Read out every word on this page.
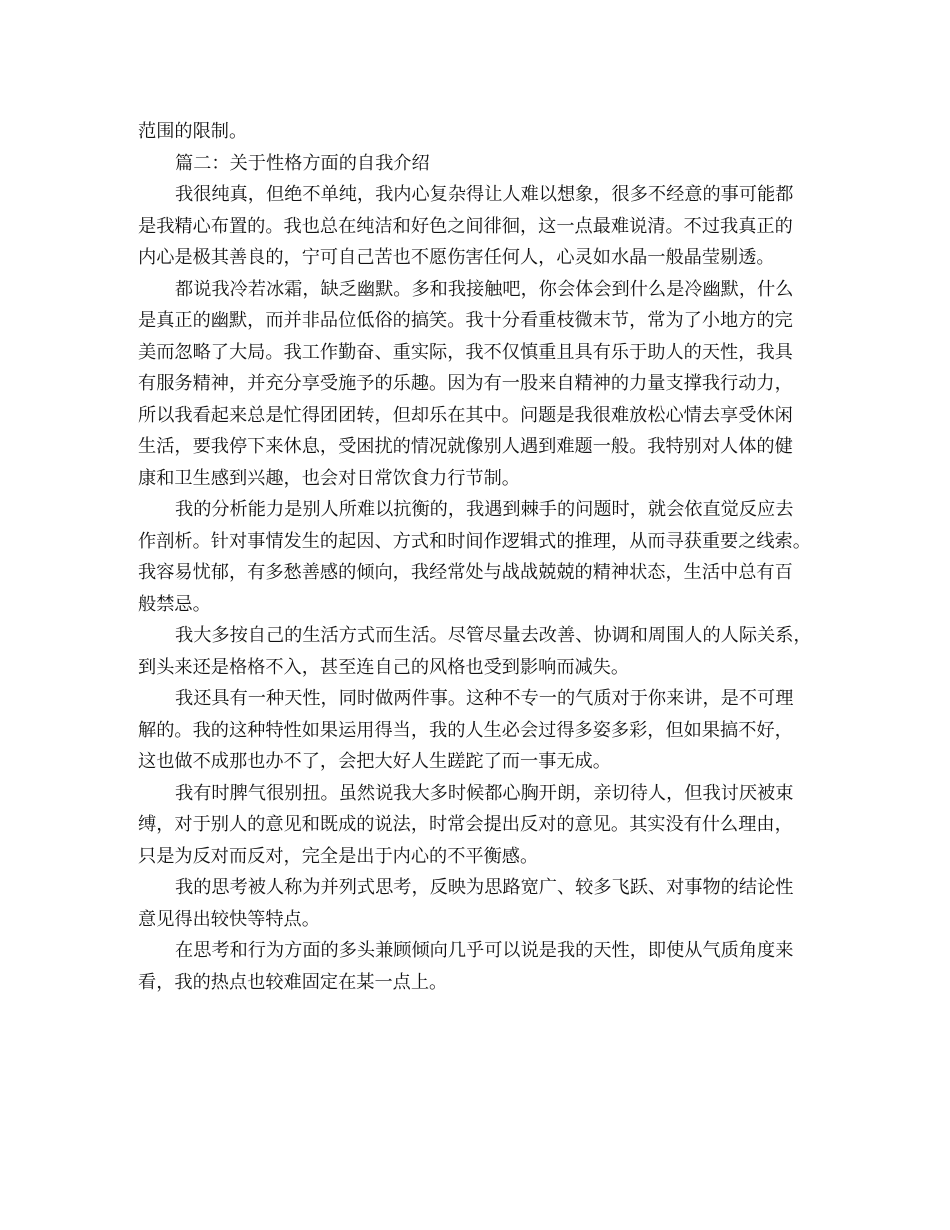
范围的限制。
篇二：关于性格方面的自我介绍
我很纯真，但绝不单纯，我内心复杂得让人难以想象，很多不经意的事可能都
是我精心布置的。我也总在纯洁和好色之间徘徊，这一点最难说清。不过我真正的
内心是极其善良的，宁可自己苦也不愿伤害任何人，心灵如水晶一般晶莹剔透。
都说我冷若冰霜，缺乏幽默。多和我接触吧，你会体会到什么是冷幽默，什么
是真正的幽默，而并非品位低俗的搞笑。我十分看重枝微末节，常为了小地方的完
美而忽略了大局。我工作勤奋、重实际，我不仅慎重且具有乐于助人的天性，我具
有服务精神，并充分享受施予的乐趣。因为有一股来自精神的力量支撑我行动力，
所以我看起来总是忙得团团转，但却乐在其中。问题是我很难放松心情去享受休闲
生活，要我停下来休息，受困扰的情况就像别人遇到难题一般。我特别对人体的健
康和卫生感到兴趣，也会对日常饮食力行节制。
我的分析能力是别人所难以抗衡的，我遇到棘手的问题时，就会依直觉反应去
作剖析。针对事情发生的起因、方式和时间作逻辑式的推理，从而寻获重要之线索。
我容易忧郁，有多愁善感的倾向，我经常处与战战兢兢的精神状态，生活中总有百
般禁忌。
我大多按自己的生活方式而生活。尽管尽量去改善、协调和周围人的人际关系，
到头来还是格格不入，甚至连自己的风格也受到影响而减失。
我还具有一种天性，同时做两件事。这种不专一的气质对于你来讲，是不可理
解的。我的这种特性如果运用得当，我的人生必会过得多姿多彩，但如果搞不好，
这也做不成那也办不了，会把大好人生蹉跎了而一事无成。
我有时脾气很别扭。虽然说我大多时候都心胸开朗，亲切待人，但我讨厌被束
缚，对于别人的意见和既成的说法，时常会提出反对的意见。其实没有什么理由，
只是为反对而反对，完全是出于内心的不平衡感。
我的思考被人称为并列式思考，反映为思路宽广、较多飞跃、对事物的结论性
意见得出较快等特点。
在思考和行为方面的多头兼顾倾向几乎可以说是我的天性，即使从气质角度来
看，我的热点也较难固定在某一点上。
